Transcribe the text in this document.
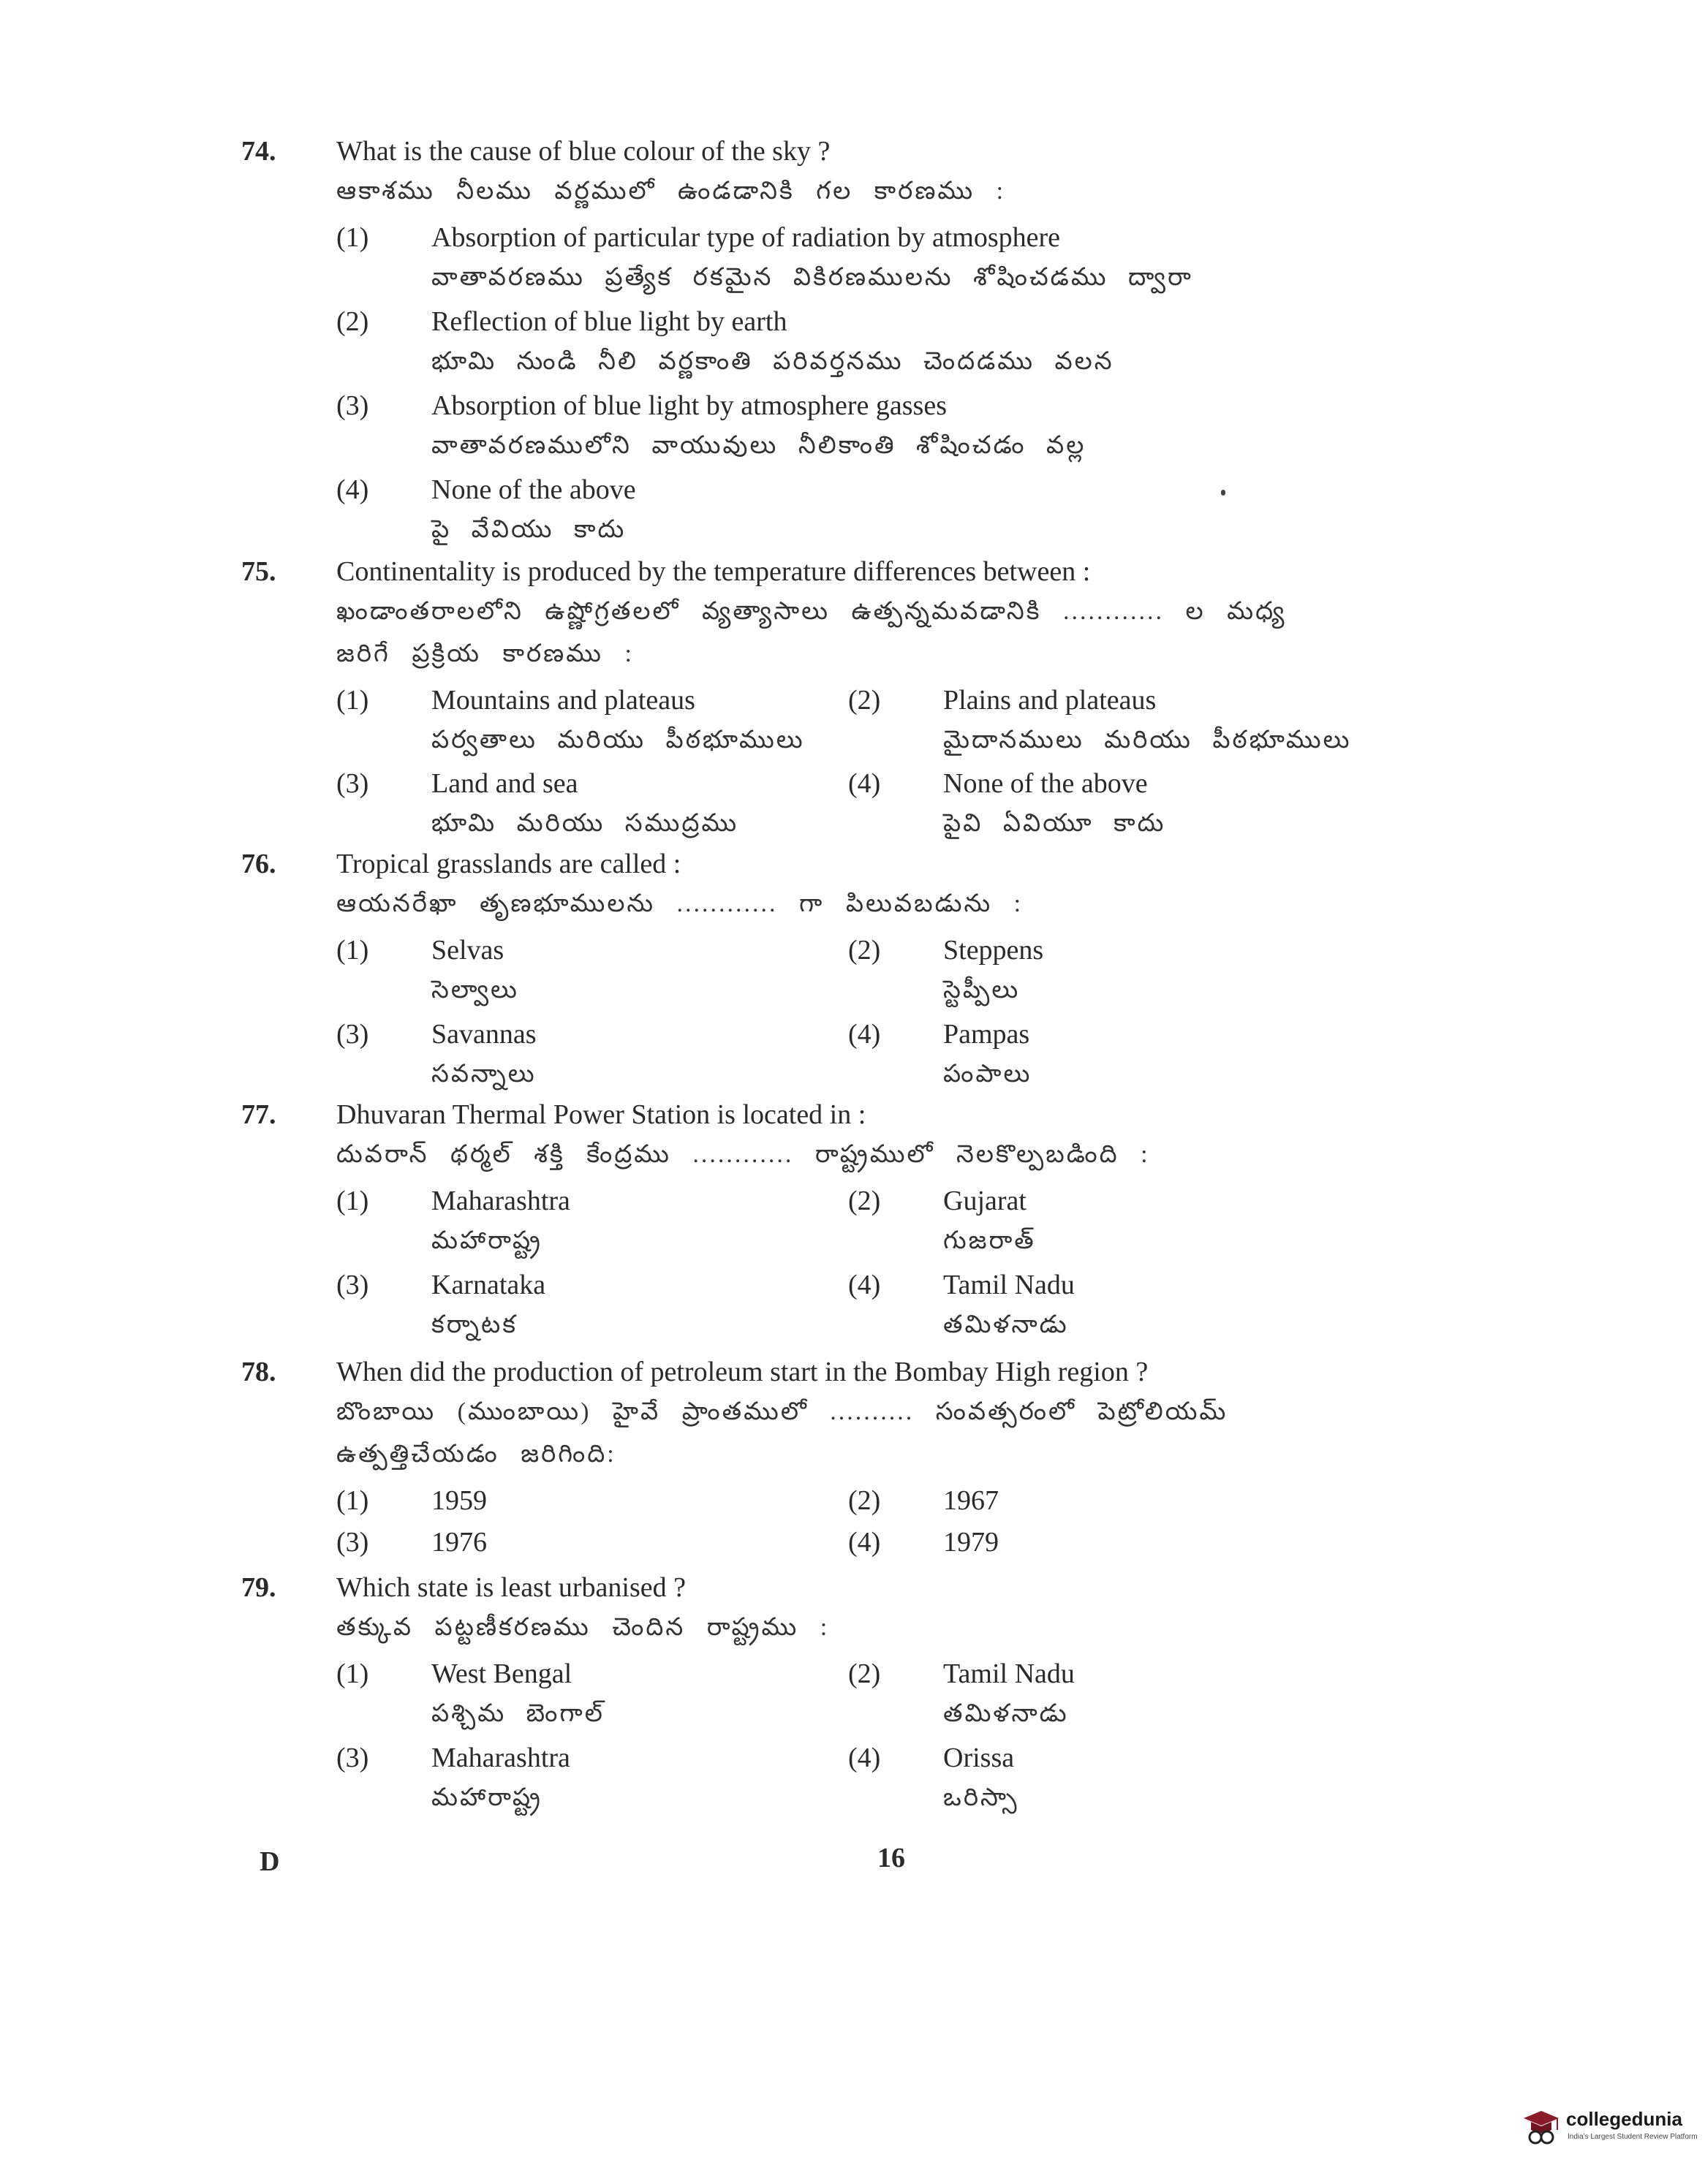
74. What is the cause of blue colour of the sky ?
ఆకాశము నీలము వర్ణములో ఉండడానికి గల కారణము :
(1) Absorption of particular type of radiation by atmosphere
వాతావరణము ప్రత్యేక రకమైన వికిరణములను శోషించడము ద్వారా
(2) Reflection of blue light by earth
భూమి నుండి నీలి వర్ణకాంతి పరివర్తనము చెందడము వలన
(3) Absorption of blue light by atmosphere gasses
వాతావరణములోని వాయువులు నీలికాంతి శోషించడం వల్ల
(4) None of the above
పై వేవియు కాదు
75. Continentality is produced by the temperature differences between :
ఖండాంతరాలలోని ఉష్ణోగ్రతలలో వ్యత్యాసాలు ఉత్పన్నమవడానికి ............ ల మధ్య
జరిగే ప్రక్రియ కారణము :
(1) Mountains and plateaus
పర్వతాలు మరియు పీఠభూములు
(2) Plains and plateaus
మైదానములు మరియు పీఠభూములు
(3) Land and sea
భూమి మరియు సముద్రము
(4) None of the above
పైవి ఏవియూ కాదు
76. Tropical grasslands are called :
ఆయనరేఖా తృణభూములను ............ గా పిలువబడును :
(1) Selvas
సెల్వాలు
(2) Steppens
స్టెప్పీలు
(3) Savannas
సవన్నాలు
(4) Pampas
పంపాలు
77. Dhuvaran Thermal Power Station is located in :
దువరాన్ థర్మల్ శక్తి కేంద్రము ............ రాష్ట్రములో నెలకొల్పబడింది :
(1) Maharashtra
మహారాష్ట్ర
(2) Gujarat
గుజరాత్
(3) Karnataka
కర్నాటక
(4) Tamil Nadu
తమిళనాడు
78. When did the production of petroleum start in the Bombay High region ?
బొంబాయి (ముంబాయి) హైవే ప్రాంతములో .......... సంవత్సరంలో పెట్రోలియమ్
ఉత్పత్తిచేయడం జరిగింది:
(1) 1959	(2) 1967
(3) 1976	(4) 1979
79. Which state is least urbanised ?
తక్కువ పట్టణీకరణము చెందిన రాష్ట్రము :
(1) West Bengal
పశ్చిమ బెంగాల్
(2) Tamil Nadu
తమిళనాడు
(3) Maharashtra
మహారాష్ట్ర
(4) Orissa
ఒరిస్సా
D	16
collegedunia
India's Largest Student Review Platform
